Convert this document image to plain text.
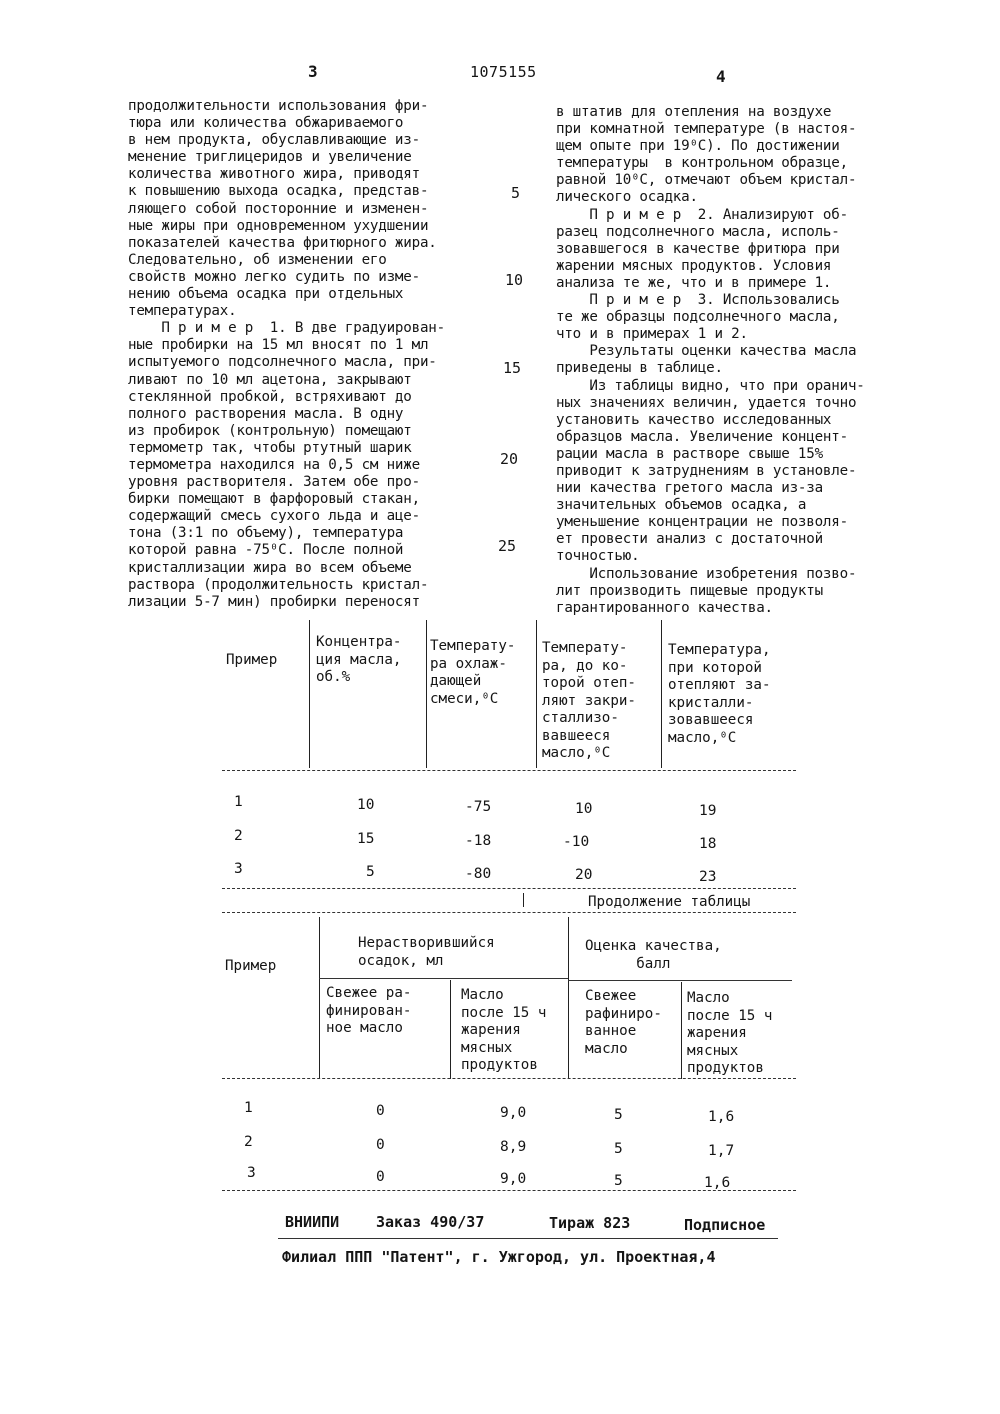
3	1075155	4
продолжительности использования фри-
тюра или количества обжариваемого
в нем продукта, обуславливающие из-
менение триглицеридов и увеличение
количества животного жира, приводят
к повышению выхода осадка, представ-
ляющего собой посторонние и изменен-
ные жиры при одновременном ухудшении
показателей качества фритюрного жира.
Следовательно, об изменении его
свойств можно легко судить по изме-
нению объема осадка при отдельных
температурах.
П р и м е р  1. В две градуирован-
ные пробирки на 15 мл вносят по 1 мл
испытуемого подсолнечного масла, при-
ливают по 10 мл ацетона, закрывают
стеклянной пробкой, встряхивают до
полного растворения масла. В одну
из пробирок (контрольную) помещают
термометр так, чтобы ртутный шарик
термометра находился на 0,5 см ниже
уровня растворителя. Затем обе про-
бирки помещают в фарфоровый стакан,
содержащий смесь сухого льда и аце-
тона (3:1 по объему), температура
которой равна -75⁰С. После полной
кристаллизации жира во всем объеме
раствора (продолжительность кристал-
лизации 5-7 мин) пробирки переносят
в штатив для отепления на воздухе
при комнатной температуре (в настоя-
щем опыте при 19⁰С). По достижении
температуры  в контрольном образце,
равной 10⁰С, отмечают объем кристал-
лического осадка.
П р и м е р  2. Анализируют об-
разец подсолнечного масла, исполь-
зовавшегося в качестве фритюра при
жарении мясных продуктов. Условия
анализа те же, что и в примере 1.
П р и м е р  3. Использовались
те же образцы подсолнечного масла,
что и в примерах 1 и 2.
Результаты оценки качества масла
приведены в таблице.
Из таблицы видно, что при оранич-
ных значениях величин, удается точно
установить качество исследованных
образцов масла. Увеличение концент-
рации масла в растворе свыше 15%
приводит к затруднениям в установле-
нии качества гретого масла из-за
значительных объемов осадка, а
уменьшение концентрации не позволя-
ет провести анализ с достаточной
точностью.
Использование изобретения позво-
лит производить пищевые продукты
гарантированного качества.
5
10
15
20
25
Пример
Концентра-
ция масла,
об.%
Температу-
ра охлаж-
дающей
смеси,⁰С
Температу-
ра, до ко-
торой отеп-
ляют закри-
сталлизо-
вавшееся
масло,⁰С
Температура,
при которой
отепляют за-
кристалли-
зовавшееся
масло,⁰С
1	10	-75	10	19
2	15	-18	-10	18
3	5	-80	20	23
Продолжение таблицы
Пример
Нерастворившийся
осадок, мл
Оценка качества,
балл
Свежее ра-
финирован-
ное масло
Масло
после 15 ч
жарения
мясных
продуктов
Свежее
рафиниро-
ванное
масло
Масло
после 15 ч
жарения
мясных
продуктов
1	0	9,0	5	1,6
2	0	8,9	5	1,7
3	0	9,0	5	1,6
ВНИИПИ Заказ 490/37	Тираж 823	Подписное
Филиал ППП "Патент", г. Ужгород, ул. Проектная,4
